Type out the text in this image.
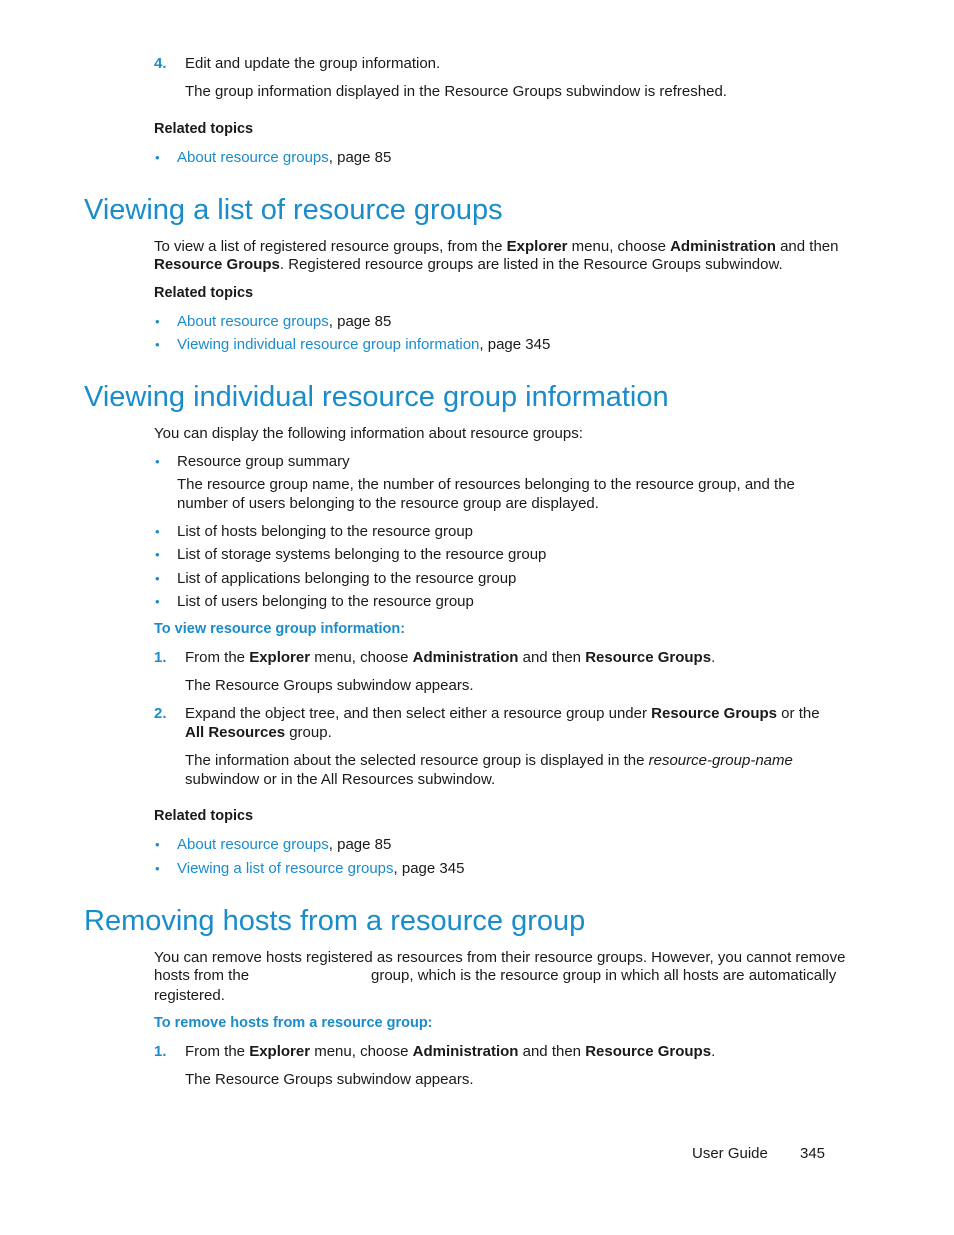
4. Edit and update the group information.
The group information displayed in the Resource Groups subwindow is refreshed.
Related topics
• About resource groups, page 85
Viewing a list of resource groups
To view a list of registered resource groups, from the Explorer menu, choose Administration and then
Resource Groups. Registered resource groups are listed in the Resource Groups subwindow.
Related topics
• About resource groups, page 85
• Viewing individual resource group information, page 345
Viewing individual resource group information
You can display the following information about resource groups:
• Resource group summary
The resource group name, the number of resources belonging to the resource group, and the
number of users belonging to the resource group are displayed.
• List of hosts belonging to the resource group
• List of storage systems belonging to the resource group
• List of applications belonging to the resource group
• List of users belonging to the resource group
To view resource group information:
1. From the Explorer menu, choose Administration and then Resource Groups.
The Resource Groups subwindow appears.
2. Expand the object tree, and then select either a resource group under Resource Groups or the
All Resources group.
The information about the selected resource group is displayed in the resource-group-name
subwindow or in the All Resources subwindow.
Related topics
• About resource groups, page 85
• Viewing a list of resource groups, page 345
Removing hosts from a resource group
You can remove hosts registered as resources from their resource groups. However, you cannot remove
hosts from the	group, which is the resource group in which all hosts are automatically
registered.
To remove hosts from a resource group:
1. From the Explorer menu, choose Administration and then Resource Groups.
The Resource Groups subwindow appears.
User Guide 345
